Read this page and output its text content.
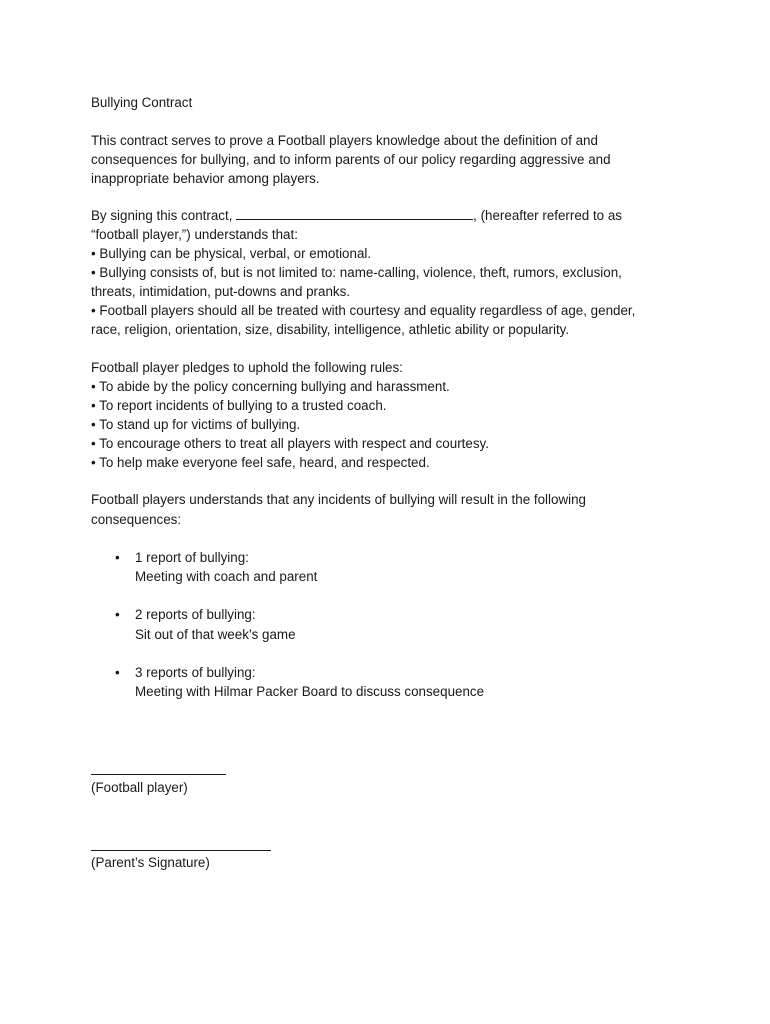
Bullying Contract
This contract serves to prove a Football players knowledge about the definition of and
consequences for bullying, and to inform parents of our policy regarding aggressive and
inappropriate behavior among players.
By signing this contract,	, (hereafter referred to as
“football player,”) understands that:
• Bullying can be physical, verbal, or emotional.
• Bullying consists of, but is not limited to: name-calling, violence, theft, rumors, exclusion,
threats, intimidation, put-downs and pranks.
• Football players should all be treated with courtesy and equality regardless of age, gender,
race, religion, orientation, size, disability, intelligence, athletic ability or popularity.
Football player pledges to uphold the following rules:
• To abide by the policy concerning bullying and harassment.
• To report incidents of bullying to a trusted coach.
• To stand up for victims of bullying.
• To encourage others to treat all players with respect and courtesy.
• To help make everyone feel safe, heard, and respected.
Football players understands that any incidents of bullying will result in the following
consequences:
• 1 report of bullying:
Meeting with coach and parent
• 2 reports of bullying:
Sit out of that week’s game
• 3 reports of bullying:
Meeting with Hilmar Packer Board to discuss consequence
(Football player)
(Parent’s Signature)
